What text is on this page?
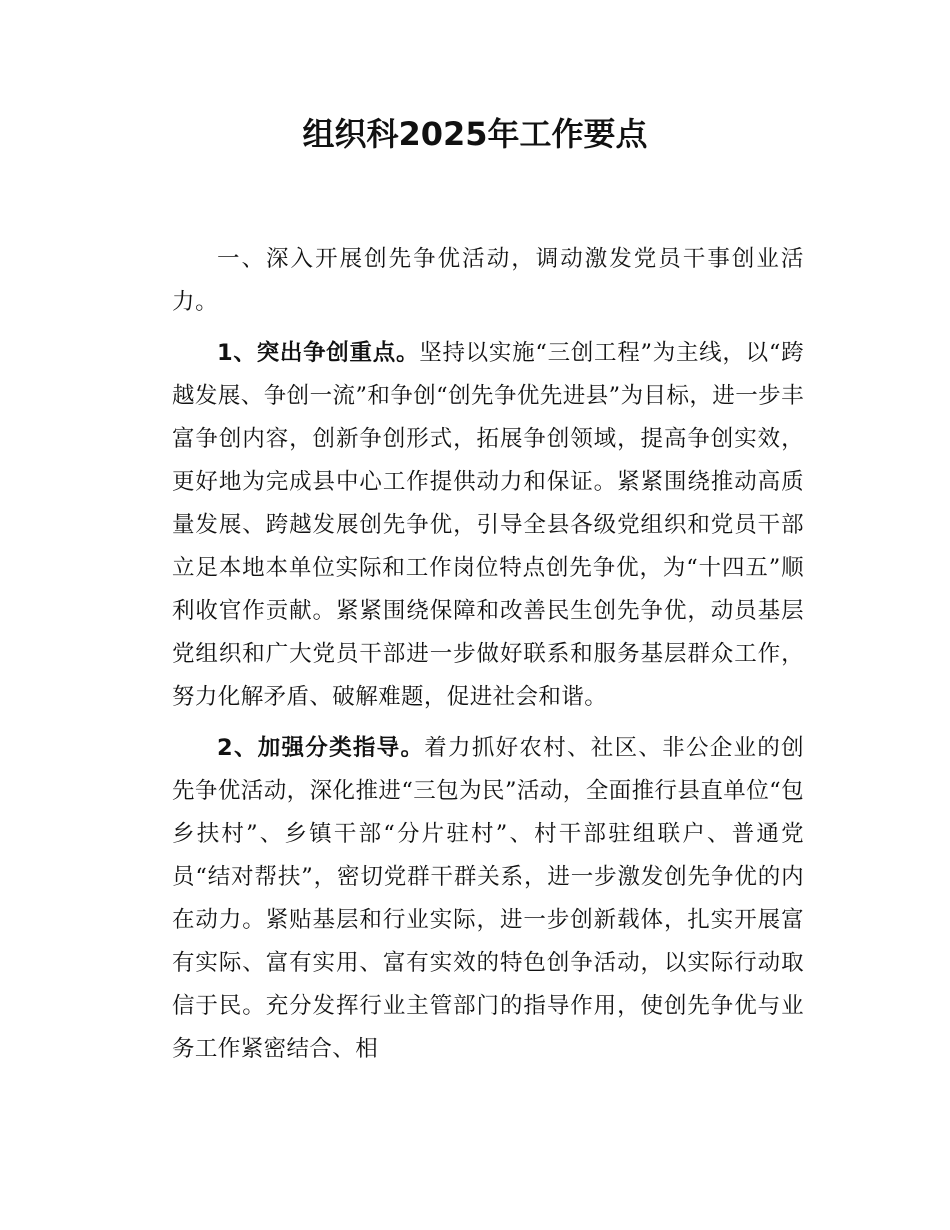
组织科2025年工作要点

一、深入开展创先争优活动，调动激发党员干事创业活力。

1、突出争创重点。坚持以实施“三创工程”为主线，以“跨越发展、争创一流”和争创“创先争优先进县”为目标，进一步丰富争创内容，创新争创形式，拓展争创领域，提高争创实效，更好地为完成县中心工作提供动力和保证。紧紧围绕推动高质量发展、跨越发展创先争优，引导全县各级党组织和党员干部立足本地本单位实际和工作岗位特点创先争优，为“十四五”顺利收官作贡献。紧紧围绕保障和改善民生创先争优，动员基层党组织和广大党员干部进一步做好联系和服务基层群众工作，努力化解矛盾、破解难题，促进社会和谐。

2、加强分类指导。着力抓好农村、社区、非公企业的创先争优活动，深化推进“三包为民”活动，全面推行县直单位“包乡扶村”、乡镇干部“分片驻村”、村干部驻组联户、普通党员“结对帮扶”，密切党群干群关系，进一步激发创先争优的内在动力。紧贴基层和行业实际，进一步创新载体，扎实开展富有实际、富有实用、富有实效的特色创争活动，以实际行动取信于民。充分发挥行业主管部门的指导作用，使创先争优与业务工作紧密结合、相
